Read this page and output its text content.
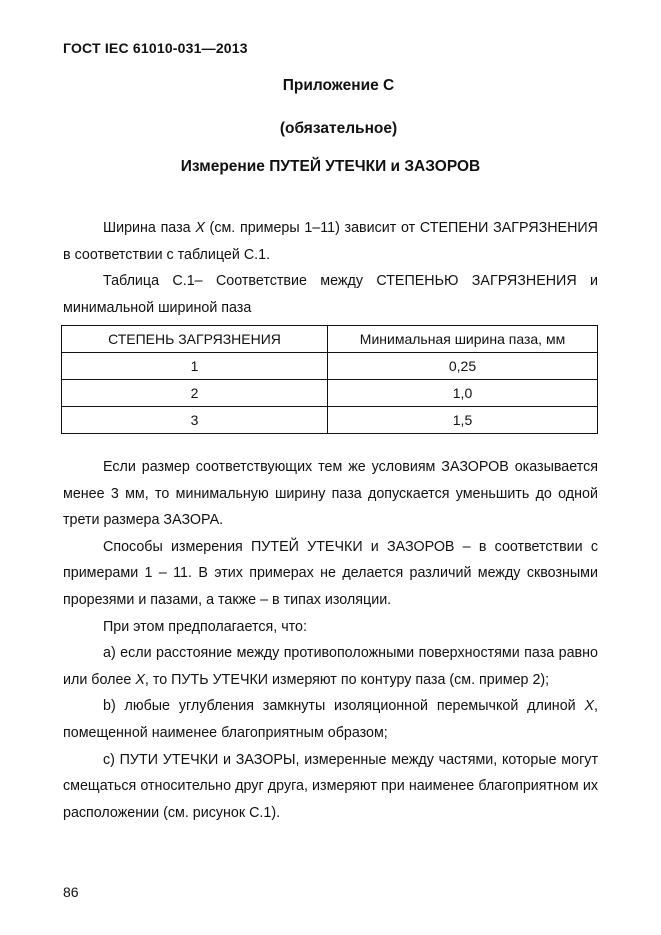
ГОСТ IEC 61010-031—2013
Приложение С
(обязательное)
Измерение ПУТЕЙ УТЕЧКИ и ЗАЗОРОВ

Ширина паза X (см. примеры 1–11) зависит от СТЕПЕНИ ЗАГРЯЗНЕНИЯ в соответствии с таблицей С.1.

Таблица С.1– Соответствие между СТЕПЕНЬЮ ЗАГРЯЗНЕНИЯ и минимальной шириной паза

СТЕПЕНЬ ЗАГРЯЗНЕНИЯ	Минимальная ширина паза, мм
1	0,25
2	1,0
3	1,5

Если размер соответствующих тем же условиям ЗАЗОРОВ оказывается менее 3 мм, то минимальную ширину паза допускается уменьшить до одной трети размера ЗАЗОРА.

Способы измерения ПУТЕЙ УТЕЧКИ и ЗАЗОРОВ – в соответствии с примерами 1 – 11. В этих примерах не делается различий между сквозными прорезями и пазами, а также – в типах изоляции.

При этом предполагается, что:

а) если расстояние между противоположными поверхностями паза равно или более X, то ПУТЬ УТЕЧКИ измеряют по контуру паза (см. пример 2);

b) любые углубления замкнуты изоляционной перемычкой длиной X, помещенной наименее благоприятным образом;

с) ПУТИ УТЕЧКИ и ЗАЗОРЫ, измеренные между частями, которые могут смещаться относительно друг друга, измеряют при наименее благоприятном их расположении (см. рисунок С.1).

86
